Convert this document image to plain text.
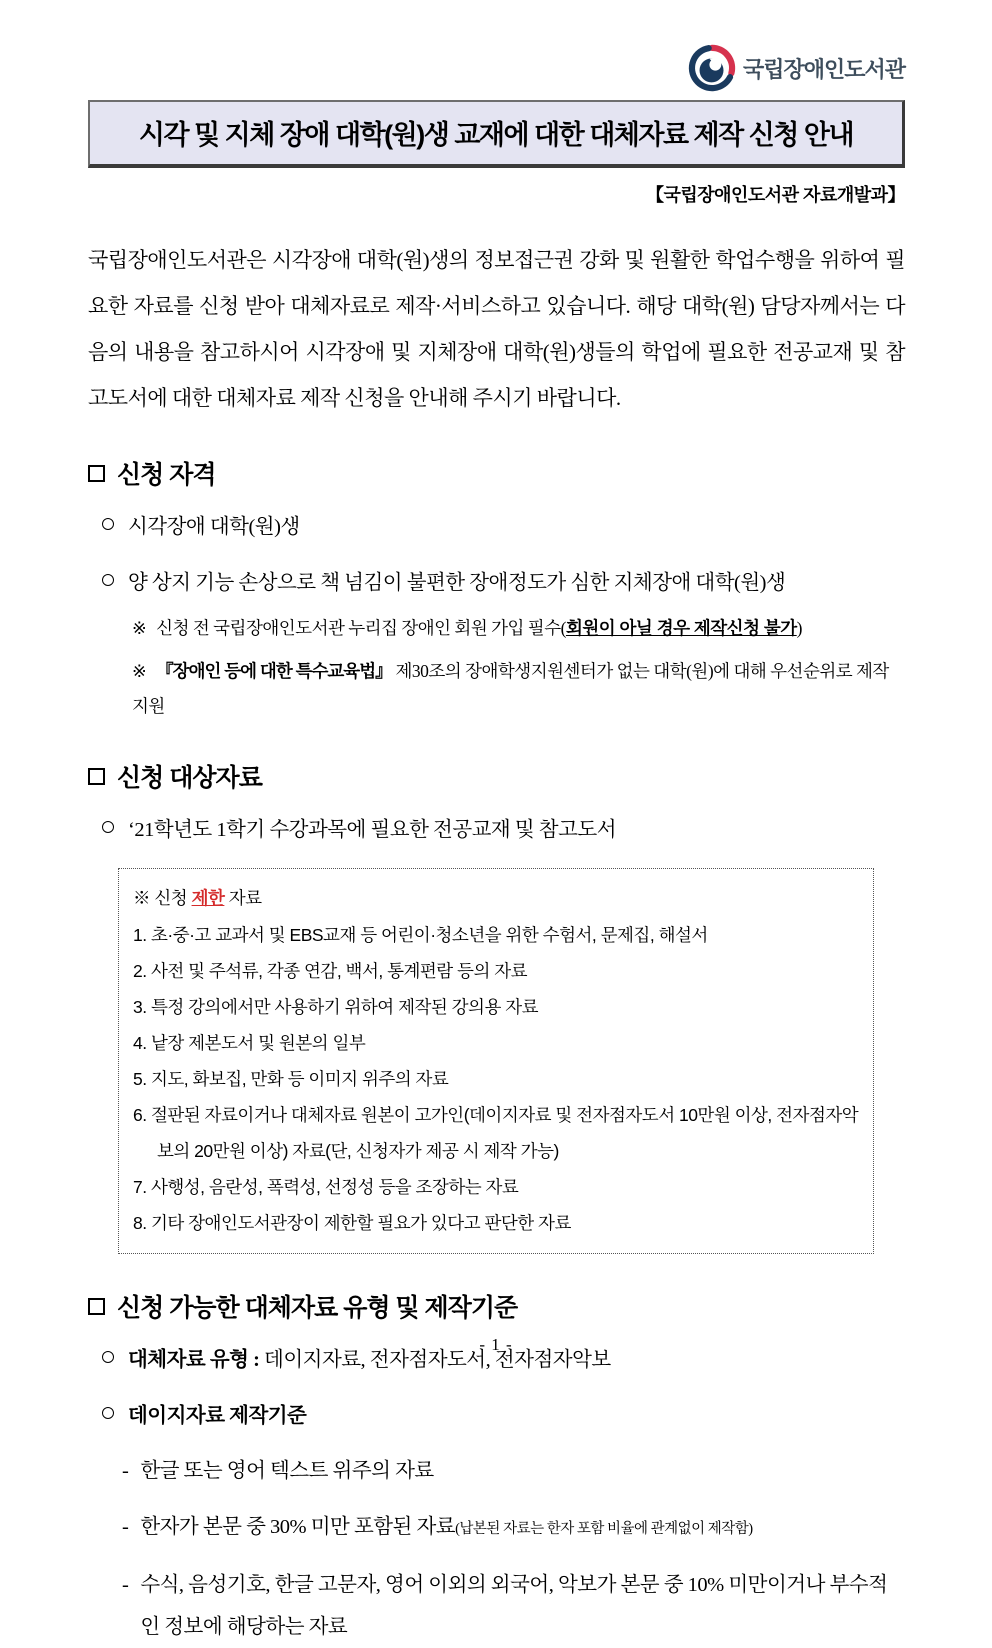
국립장애인도서관
시각 및 지체 장애 대학(원)생 교재에 대한 대체자료 제작 신청 안내
【국립장애인도서관 자료개발과】

국립장애인도서관은 시각장애 대학(원)생의 정보접근권 강화 및 원활한 학업수행을 위하여 필요한 자료를 신청 받아 대체자료로 제작·서비스하고 있습니다. 해당 대학(원) 담당자께서는 다음의 내용을 참고하시어 시각장애 및 지체장애 대학(원)생들의 학업에 필요한 전공교재 및 참고도서에 대한 대체자료 제작 신청을 안내해 주시기 바랍니다.

신청 자격
시각장애 대학(원)생
양 상지 기능 손상으로 책 넘김이 불편한 장애정도가 심한 지체장애 대학(원)생
※ 신청 전 국립장애인도서관 누리집 장애인 회원 가입 필수(회원이 아닐 경우 제작신청 불가)
※ 『장애인 등에 대한 특수교육법』 제30조의 장애학생지원센터가 없는 대학(원)에 대해 우선순위로 제작 지원
신청 대상자료
‘21학년도 1학기 수강과목에 필요한 전공교재 및 참고도서
※ 신청 제한 자료
1. 초·중·고 교과서 및 EBS교재 등 어린이·청소년을 위한 수험서, 문제집, 해설서
2. 사전 및 주석류, 각종 연감, 백서, 통계편람 등의 자료
3. 특정 강의에서만 사용하기 위하여 제작된 강의용 자료
4. 낱장 제본도서 및 원본의 일부
5. 지도, 화보집, 만화 등 이미지 위주의 자료
6. 절판된 자료이거나 대체자료 원본이 고가인(데이지자료 및 전자점자도서 10만원 이상, 전자점자악보의 20만원 이상) 자료(단, 신청자가 제공 시 제작 가능)
7. 사행성, 음란성, 폭력성, 선정성 등을 조장하는 자료
8. 기타 장애인도서관장이 제한할 필요가 있다고 판단한 자료
신청 가능한 대체자료 유형 및 제작기준
대체자료 유형 : 데이지자료, 전자점자도서, 전자점자악보
데이지자료 제작기준
- 한글 또는 영어 텍스트 위주의 자료
- 한자가 본문 중 30% 미만 포함된 자료(납본된 자료는 한자 포함 비율에 관계없이 제작함)
- 수식, 음성기호, 한글 고문자, 영어 이외의 외국어, 악보가 본문 중 10% 미만이거나 부수적인 정보에 해당하는 자료
- 1 -
